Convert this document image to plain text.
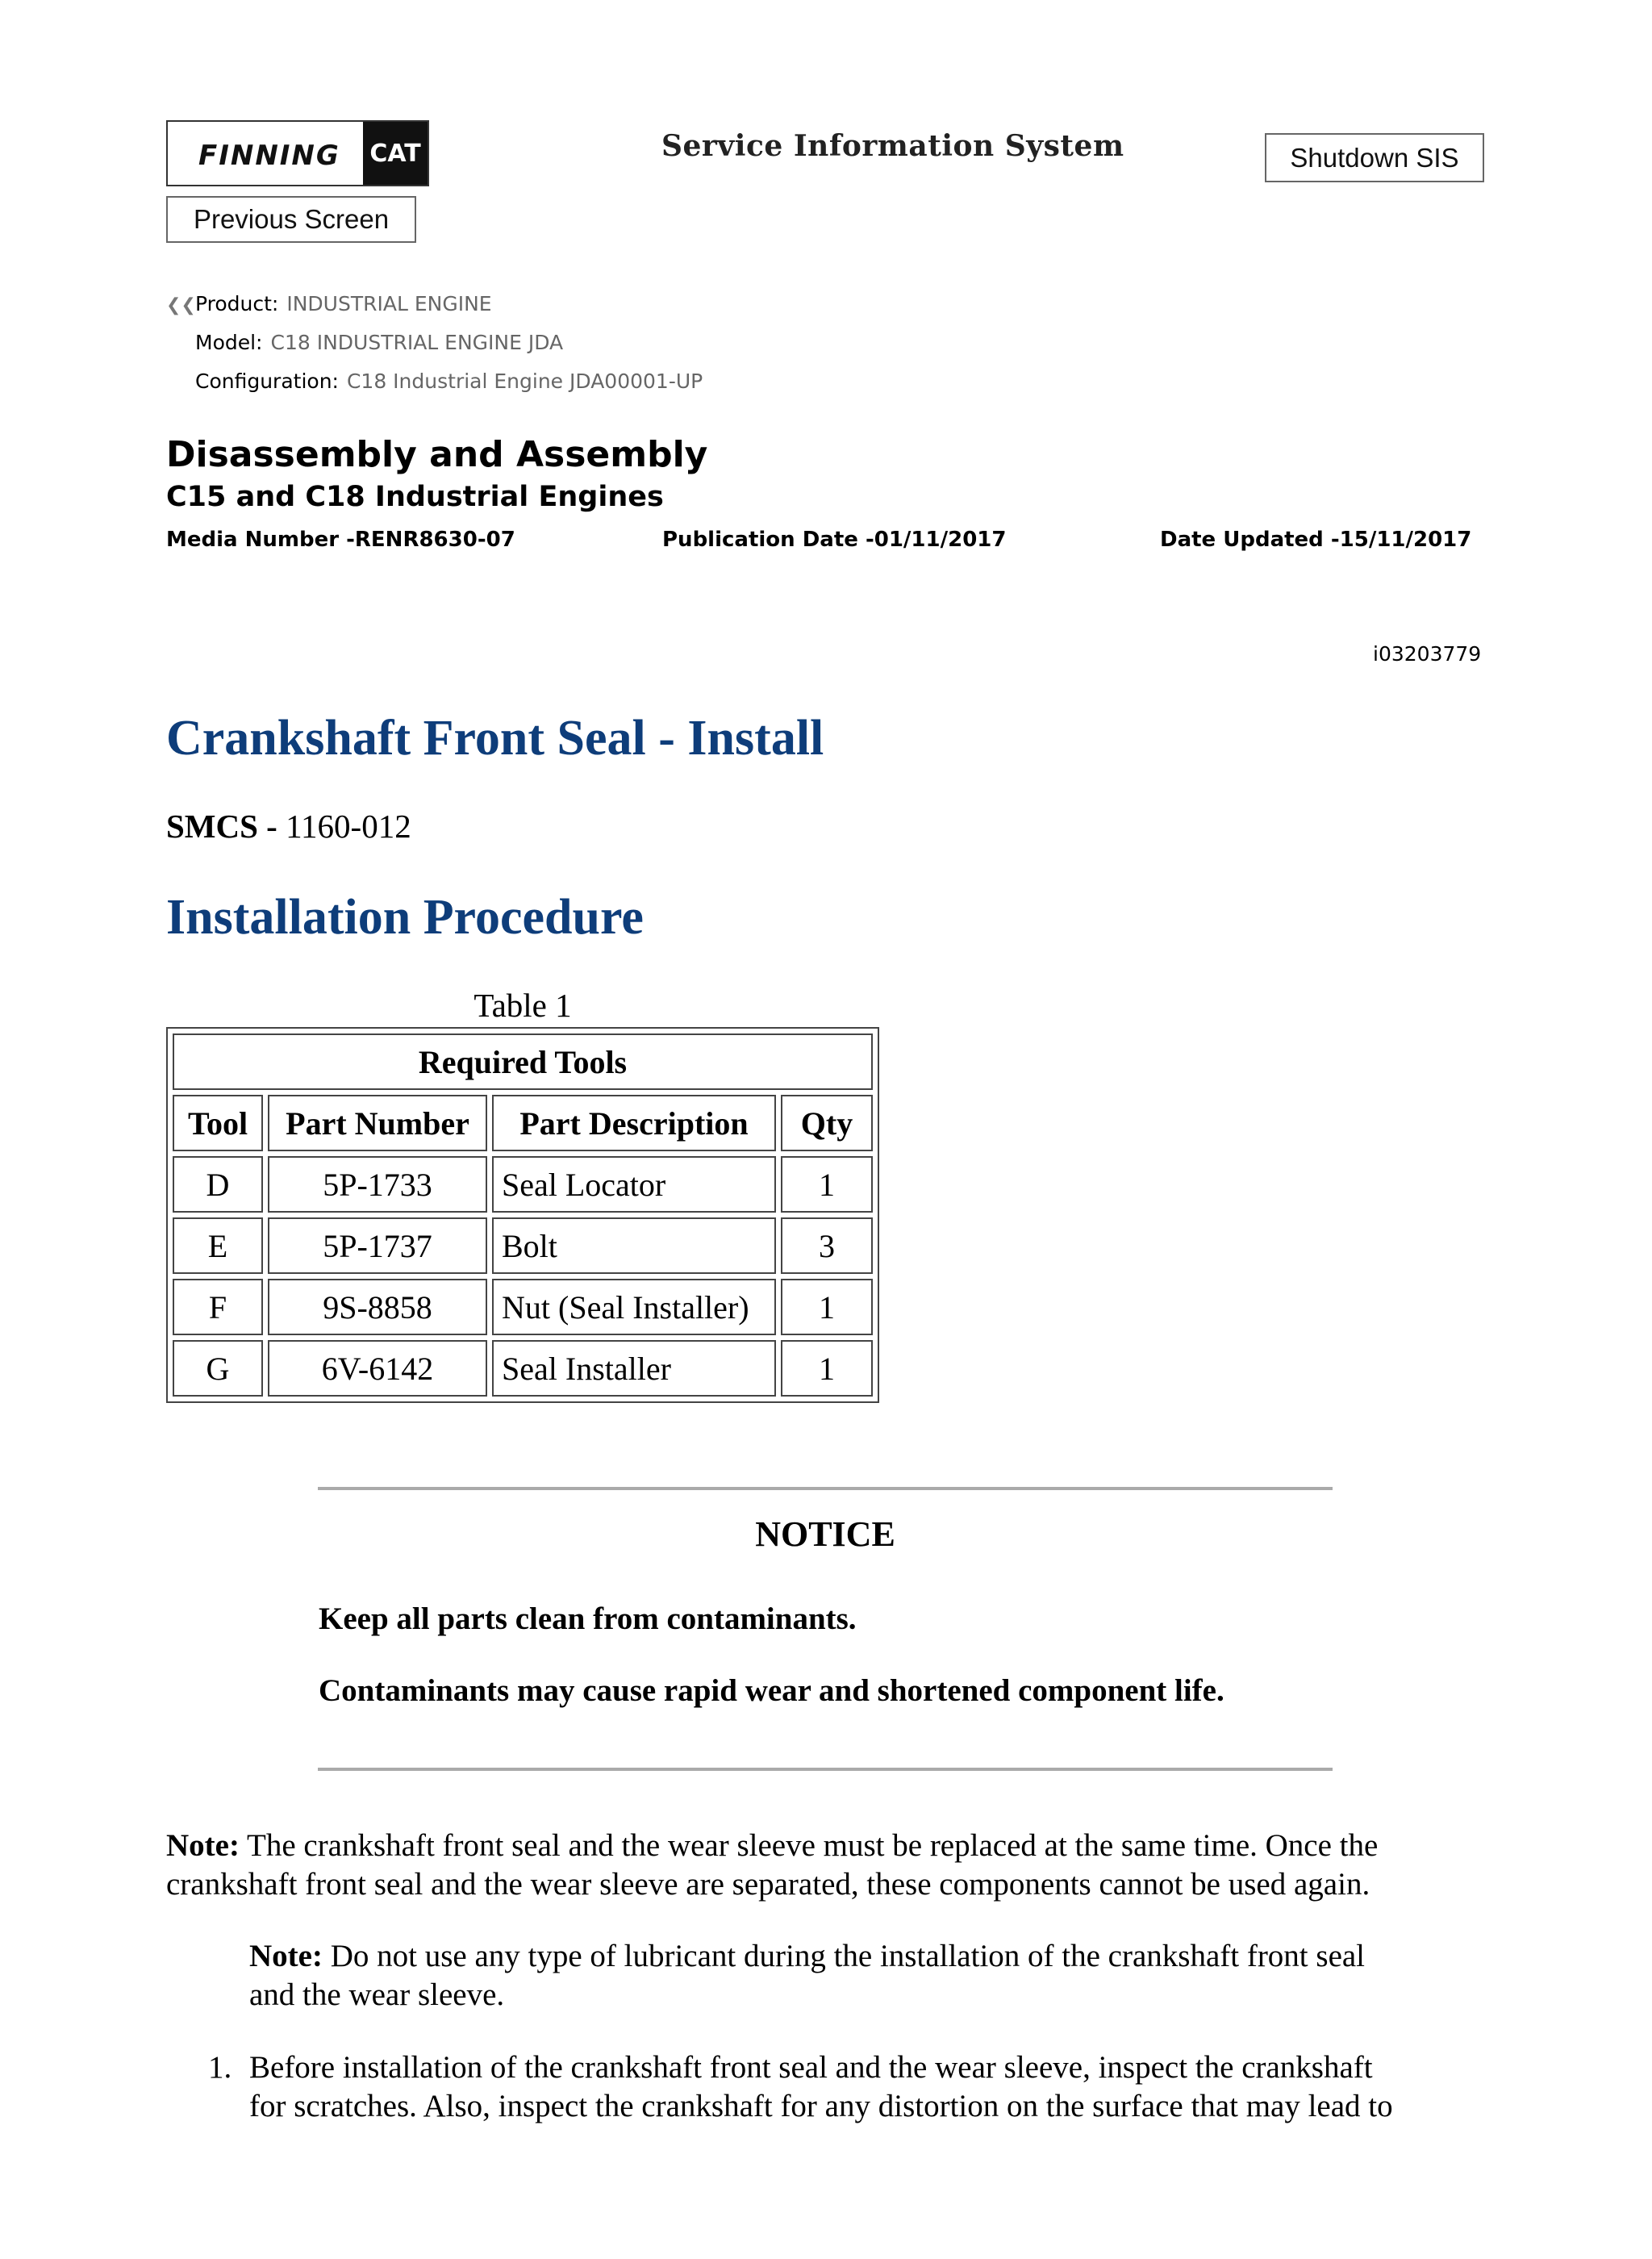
FINNING CAT	Service Information System	Shutdown SIS
Previous Screen
❮❮ Product: INDUSTRIAL ENGINE
Model: C18 INDUSTRIAL ENGINE JDA
Configuration: C18 Industrial Engine JDA00001-UP
Disassembly and Assembly
C15 and C18 Industrial Engines
Media Number -RENR8630-07	Publication Date -01/11/2017	Date Updated -15/11/2017
i03203779
Crankshaft Front Seal - Install
SMCS - 1160-012
Installation Procedure
Table 1
Required Tools			
Tool	Part Number	Part Description	Qty
D	5P-1733	Seal Locator	1
E	5P-1737	Bolt	3
F	9S-8858	Nut (Seal Installer)	1
G	6V-6142	Seal Installer	1
NOTICE
Keep all parts clean from contaminants.
Contaminants may cause rapid wear and shortened component life.
Note: The crankshaft front seal and the wear sleeve must be replaced at the same time. Once the
crankshaft front seal and the wear sleeve are separated, these components cannot be used again.
Note: Do not use any type of lubricant during the installation of the crankshaft front seal
and the wear sleeve.
1. Before installation of the crankshaft front seal and the wear sleeve, inspect the crankshaft
for scratches. Also, inspect the crankshaft for any distortion on the surface that may lead to
